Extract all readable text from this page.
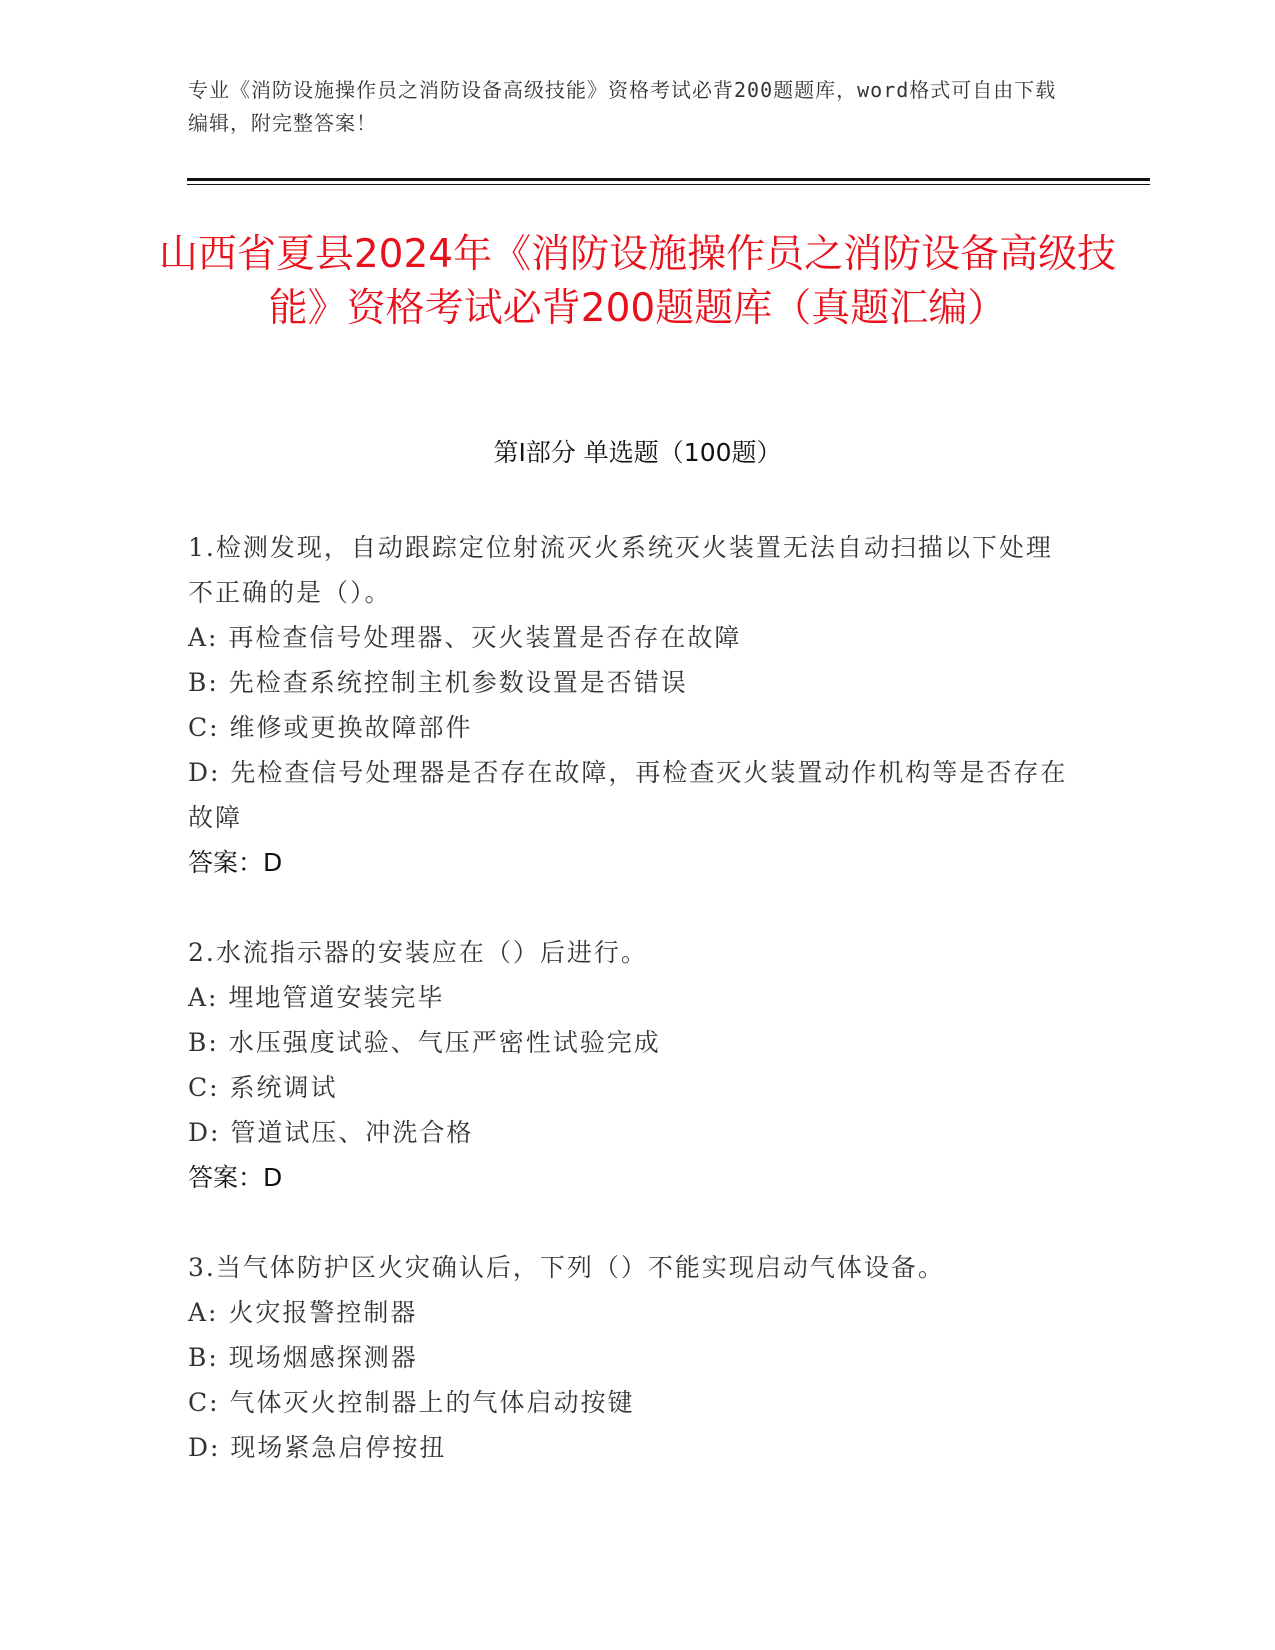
专业《消防设施操作员之消防设备高级技能》资格考试必背200题题库，word格式可自由下载编辑，附完整答案！
山西省夏县2024年《消防设施操作员之消防设备高级技能》资格考试必背200题题库（真题汇编）
第Ⅰ部分 单选题（100题）
1.检测发现，自动跟踪定位射流灭火系统灭火装置无法自动扫描以下处理不正确的是（）。
A: 再检查信号处理器、灭火装置是否存在故障
B: 先检查系统控制主机参数设置是否错误
C: 维修或更换故障部件
D: 先检查信号处理器是否存在故障，再检查灭火装置动作机构等是否存在故障
答案：D
2.水流指示器的安装应在（）后进行。
A: 埋地管道安装完毕
B: 水压强度试验、气压严密性试验完成
C: 系统调试
D: 管道试压、冲洗合格
答案：D
3.当气体防护区火灾确认后，下列（）不能实现启动气体设备。
A: 火灾报警控制器
B: 现场烟感探测器
C: 气体灭火控制器上的气体启动按键
D: 现场紧急启停按扭
